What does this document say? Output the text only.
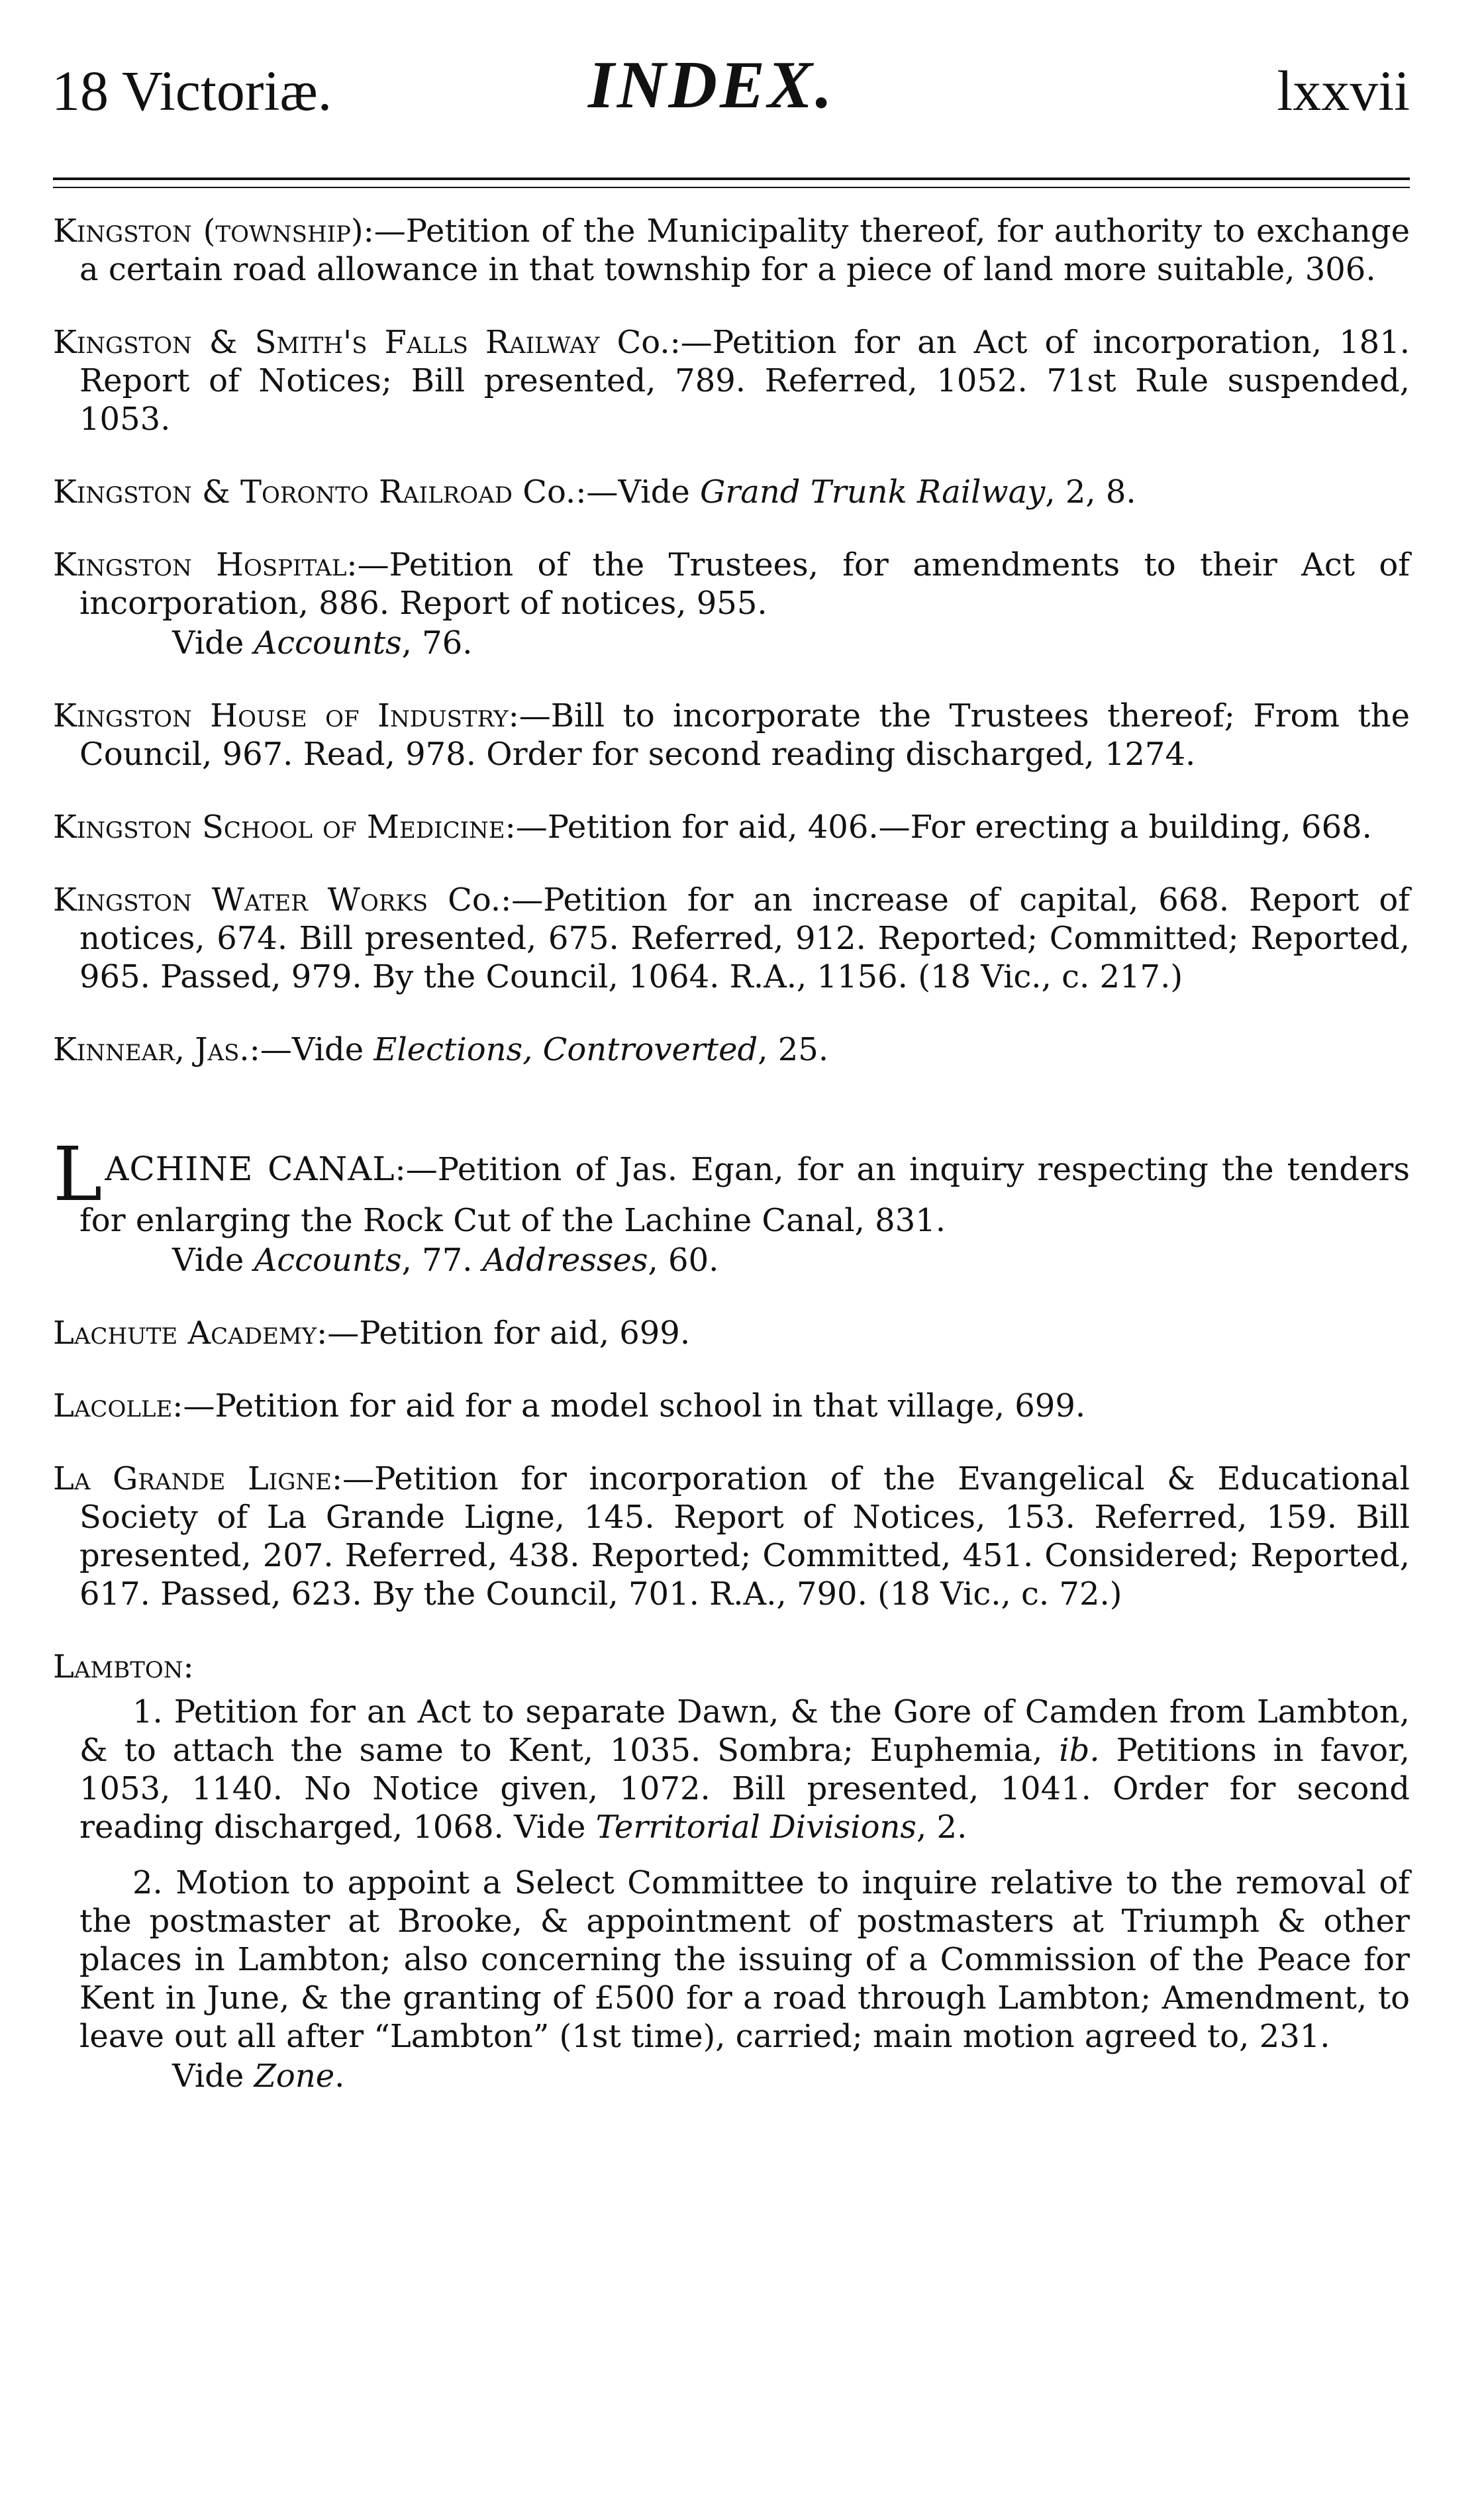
18 Victoriæ.	INDEX.	lxxvii

Kingston (township):—Petition of the Municipality thereof, for authority to exchange a certain road allowance in that township for a piece of land more suitable, 306.

Kingston & Smith's Falls Railway Co.:—Petition for an Act of incorporation, 181. Report of Notices; Bill presented, 789. Referred, 1052. 71st Rule suspended, 1053.

Kingston & Toronto Railroad Co.:—Vide Grand Trunk Railway, 2, 8.

Kingston Hospital:—Petition of the Trustees, for amendments to their Act of incorporation, 886. Report of notices, 955.
Vide Accounts, 76.

Kingston House of Industry:—Bill to incorporate the Trustees thereof; From the Council, 967. Read, 978. Order for second reading discharged, 1274.

Kingston School of Medicine:—Petition for aid, 406.—For erecting a building, 668.

Kingston Water Works Co.:—Petition for an increase of capital, 668. Report of notices, 674. Bill presented, 675. Referred, 912. Reported; Committed; Reported, 965. Passed, 979. By the Council, 1064. R.A., 1156. (18 Vic., c. 217.)

Kinnear, Jas.:—Vide Elections, Controverted, 25.

LACHINE CANAL:—Petition of Jas. Egan, for an inquiry respecting the tenders for enlarging the Rock Cut of the Lachine Canal, 831.
Vide Accounts, 77. Addresses, 60.

Lachute Academy:—Petition for aid, 699.

Lacolle:—Petition for aid for a model school in that village, 699.

La Grande Ligne:—Petition for incorporation of the Evangelical & Educational Society of La Grande Ligne, 145. Report of Notices, 153. Referred, 159. Bill presented, 207. Referred, 438. Reported; Committed, 451. Considered; Reported, 617. Passed, 623. By the Council, 701. R.A., 790. (18 Vic., c. 72.)

Lambton:

1. Petition for an Act to separate Dawn, & the Gore of Camden from Lambton, & to attach the same to Kent, 1035. Sombra; Euphemia, ib. Petitions in favor, 1053, 1140. No Notice given, 1072. Bill presented, 1041. Order for second reading discharged, 1068. Vide Territorial Divisions, 2.

2. Motion to appoint a Select Committee to inquire relative to the removal of the postmaster at Brooke, & appointment of postmasters at Triumph & other places in Lambton; also concerning the issuing of a Commission of the Peace for Kent in June, & the granting of £500 for a road through Lambton; Amendment, to leave out all after “Lambton” (1st time), carried; main motion agreed to, 231.
Vide Zone.
